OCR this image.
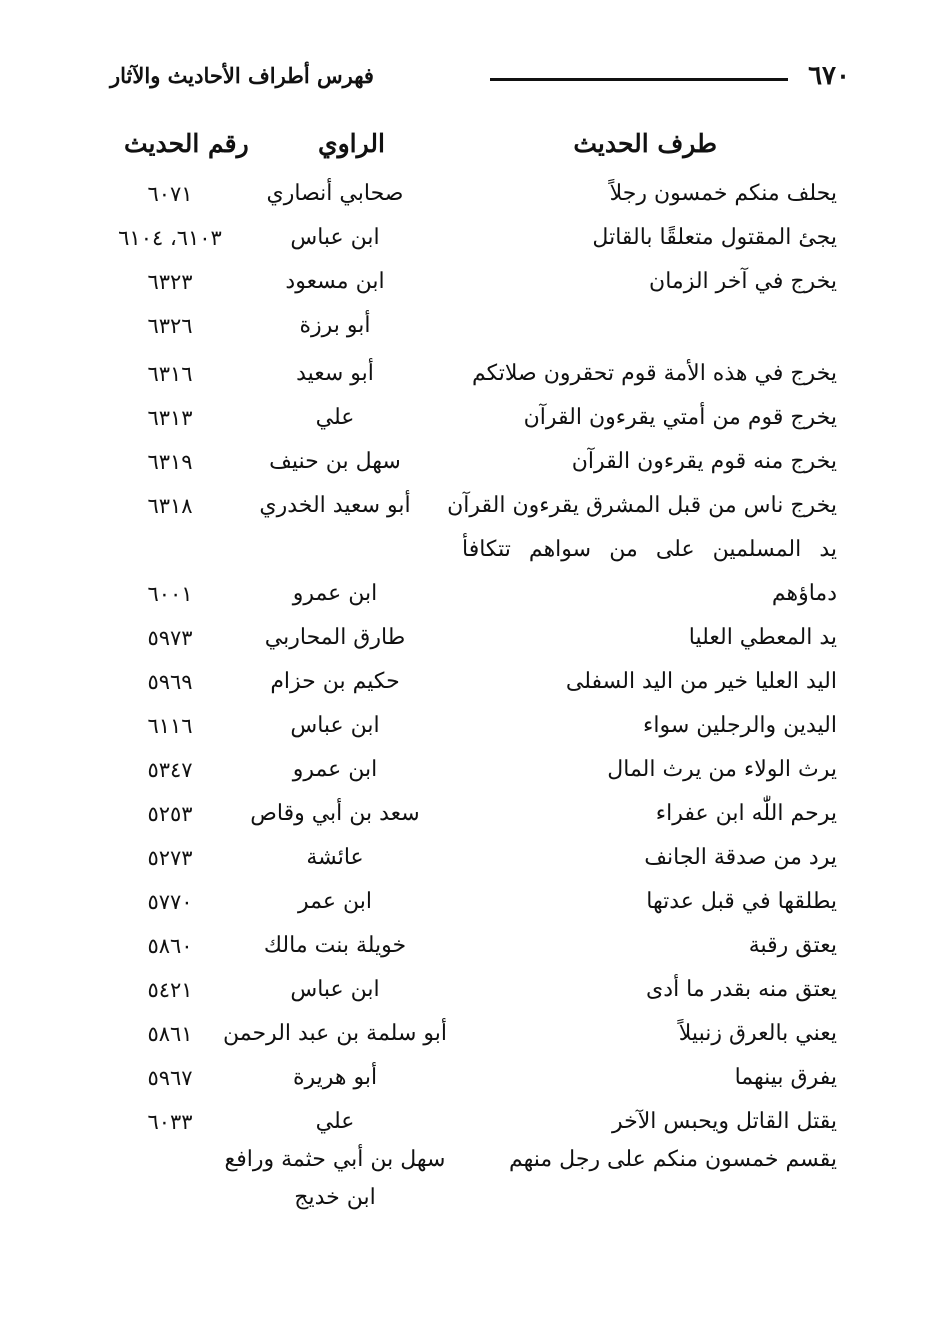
٦٧٠
فهرس أطراف الأحاديث والآثار
طرف الحديث
الراوي
رقم الحديث
يحلف منكم خمسون رجلاً
صحابي أنصاري
٦٠٧١
يجئ المقتول متعلقًا بالقاتل
ابن عباس
٦١٠٣، ٦١٠٤
يخرج في آخر الزمان
ابن مسعود
٦٣٢٣
أبو برزة
٦٣٢٦
يخرج في هذه الأمة قوم تحقرون صلاتكم
أبو سعيد
٦٣١٦
يخرج قوم من أمتي يقرءون القرآن
علي
٦٣١٣
يخرج منه قوم يقرءون القرآن
سهل بن حنيف
٦٣١٩
يخرج ناس من قبل المشرق يقرءون القرآن
أبو سعيد الخدري
٦٣١٨
يد المسلمين على من سواهم تتكافأ
دماؤهم
ابن عمرو
٦٠٠١
يد المعطي العليا
طارق المحاربي
٥٩٧٣
اليد العليا خير من اليد السفلى
حكيم بن حزام
٥٩٦٩
اليدين والرجلين سواء
ابن عباس
٦١١٦
يرث الولاء من يرث المال
ابن عمرو
٥٣٤٧
يرحم اللّٰه ابن عفراء
سعد بن أبي وقاص
٥٢٥٣
يرد من صدقة الجانف
عائشة
٥٢٧٣
يطلقها في قبل عدتها
ابن عمر
٥٧٧٠
يعتق رقبة
خويلة بنت مالك
٥٨٦٠
يعتق منه بقدر ما أدى
ابن عباس
٥٤٢١
يعني بالعرق زنبيلاً
أبو سلمة بن عبد الرحمن
٥٨٦١
يفرق بينهما
أبو هريرة
٥٩٦٧
يقتل القاتل ويحبس الآخر
علي
٦٠٣٣
يقسم خمسون منكم على رجل منهم
سهل بن أبي حثمة ورافع
ابن خديج
